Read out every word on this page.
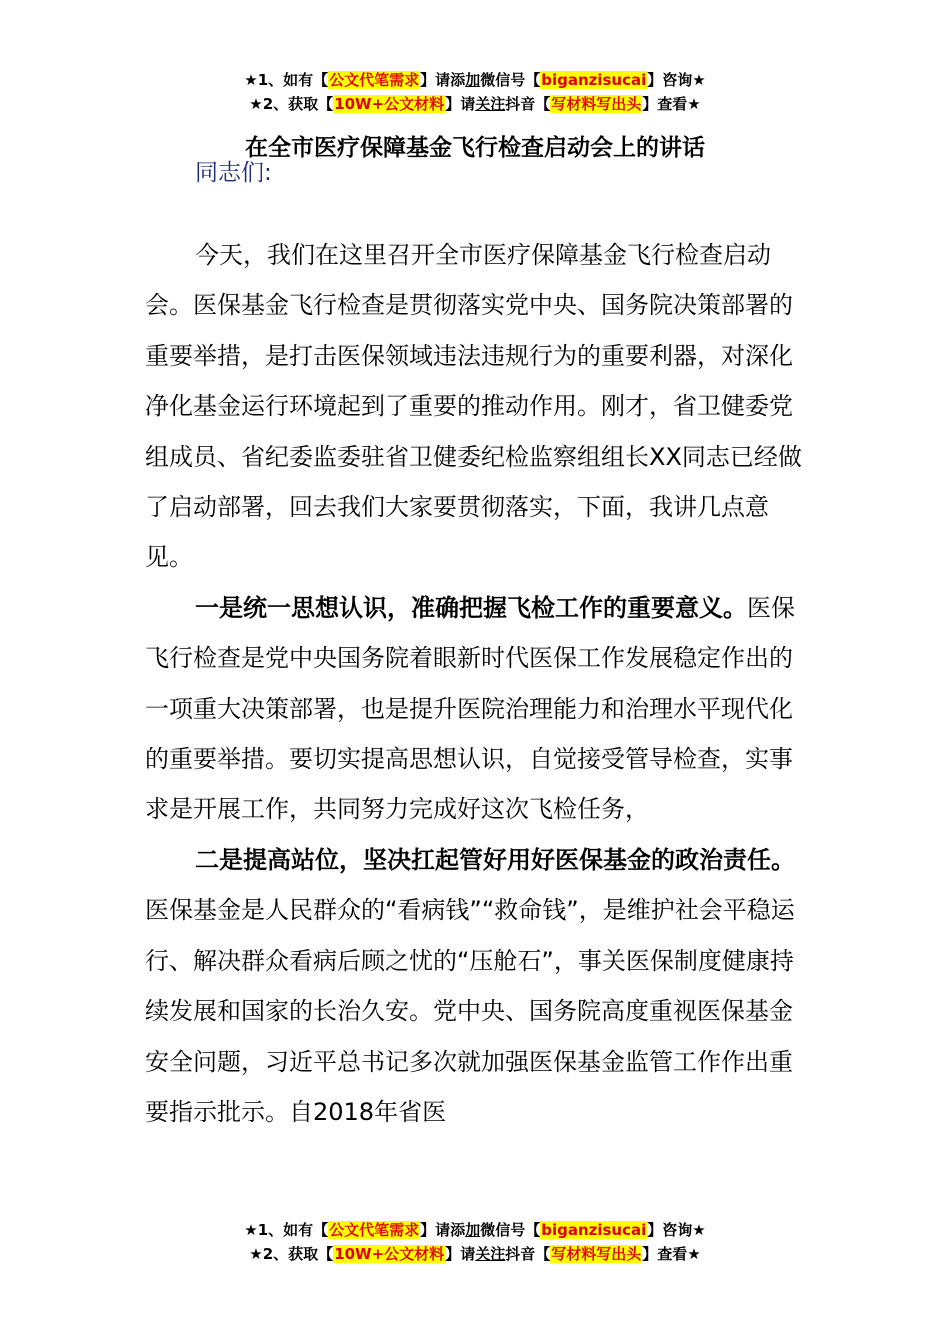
★1、如有【公文代笔需求】请添加微信号【biganzisucai】咨询★
★2、获取【10W+公文材料】请关注抖音【写材料写出头】查看★
在全市医疗保障基金飞行检查启动会上的讲话
同志们:

今天，我们在这里召开全市医疗保障基金飞行检查启动会。医保基金飞行检查是贯彻落实党中央、国务院决策部署的重要举措，是打击医保领域违法违规行为的重要利器，对深化净化基金运行环境起到了重要的推动作用。刚才，省卫健委党组成员、省纪委监委驻省卫健委纪检监察组组长XX同志已经做了启动部署，回去我们大家要贯彻落实，下面，我讲几点意见。

一是统一思想认识，准确把握飞检工作的重要意义。医保飞行检查是党中央国务院着眼新时代医保工作发展稳定作出的一项重大决策部署，也是提升医院治理能力和治理水平现代化的重要举措。要切实提高思想认识，自觉接受管导检查，实事求是开展工作，共同努力完成好这次飞检任务，

二是提高站位，坚决扛起管好用好医保基金的政治责任。医保基金是人民群众的“看病钱”“救命钱”，是维护社会平稳运行、解决群众看病后顾之忧的“压舱石”，事关医保制度健康持续发展和国家的长治久安。党中央、国务院高度重视医保基金安全问题，习近平总书记多次就加强医保基金监管工作作出重要指示批示。自2018年省医

★1、如有【公文代笔需求】请添加微信号【biganzisucai】咨询★
★2、获取【10W+公文材料】请关注抖音【写材料写出头】查看★
